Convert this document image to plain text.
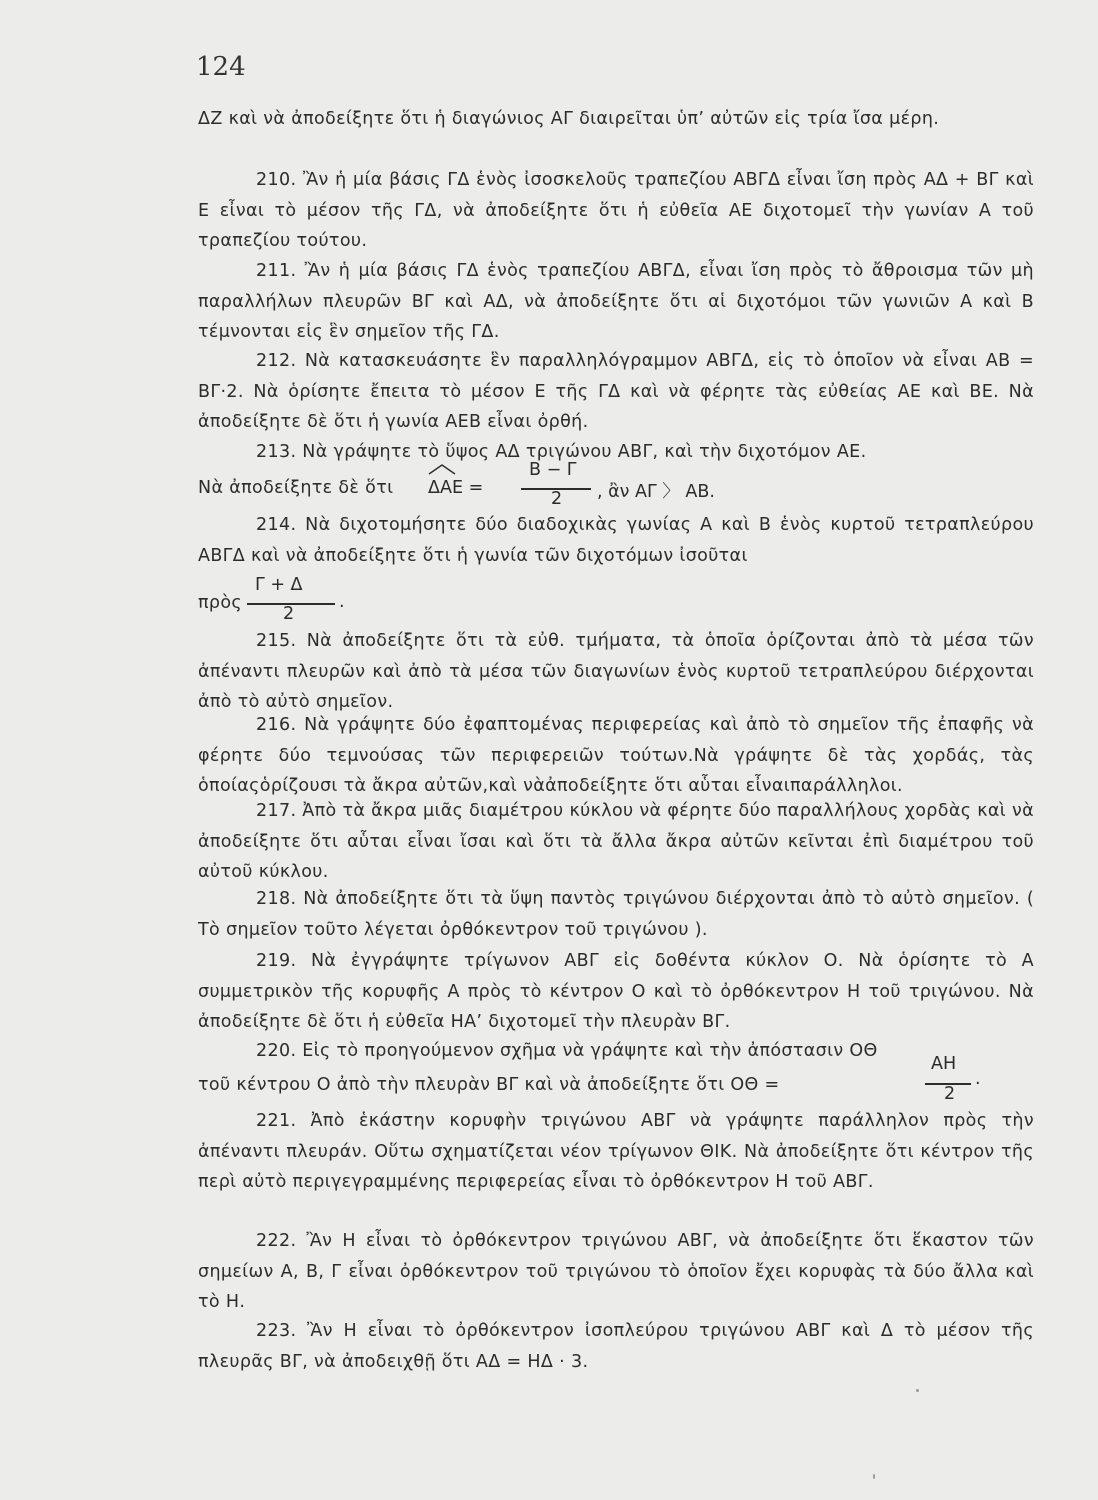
124
ΔΖ καὶ νὰ ἀποδείξητε ὅτι ἡ διαγώνιος ΑΓ διαιρεῖται ὑπ’ αὐτῶν εἰς τρία ἴσα μέρη.
210. Ἂν ἡ μία βάσις ΓΔ ἑνὸς ἰσοσκελοῦς τραπεζίου ΑΒΓΔ εἶναι ἴση πρὸς ΑΔ + ΒΓ καὶ Ε εἶναι τὸ μέσον τῆς ΓΔ, νὰ ἀποδείξητε ὅτι ἡ εὐθεῖα ΑΕ διχοτομεῖ τὴν γωνίαν Α τοῦ τραπεζίου τούτου.
211. Ἂν ἡ μία βάσις ΓΔ ἑνὸς τραπεζίου ΑΒΓΔ, εἶναι ἴση πρὸς τὸ ἄθροισμα τῶν μὴ παραλλήλων πλευρῶν ΒΓ καὶ ΑΔ, νὰ ἀποδείξητε ὅτι αἱ διχοτόμοι τῶν γωνιῶν Α καὶ Β τέμνονται εἰς ἓν σημεῖον τῆς ΓΔ.
212. Νὰ κατασκευάσητε ἓν παραλληλόγραμμον ΑΒΓΔ, εἰς τὸ ὁποῖον νὰ εἶναι ΑΒ = ΒΓ·2. Νὰ ὁρίσητε ἔπειτα τὸ μέσον Ε τῆς ΓΔ καὶ νὰ φέρητε τὰς εὐθείας ΑΕ καὶ ΒΕ. Νὰ ἀποδείξητε δὲ ὅτι ἡ γωνία ΑΕΒ εἶναι ὀρθή.
213. Νὰ γράψητε τὸ ὕψος ΑΔ τριγώνου ΑΒΓ, καὶ τὴν διχοτόμον ΑΕ.
Νὰ ἀποδείξητε δὲ ὅτι ΔΑΕ =
Β − Γ
2 , ἂν ΑΓ 〉 ΑΒ.
214. Νὰ διχοτομήσητε δύο διαδοχικὰς γωνίας Α καὶ Β ἑνὸς κυρτοῦ τετραπλεύρου ΑΒΓΔ καὶ νὰ ἀποδείξητε ὅτι ἡ γωνία τῶν διχοτόμων ἰσοῦται
πρὸς
Γ + Δ
2
.
215. Νὰ ἀποδείξητε ὅτι τὰ εὐθ. τμήματα, τὰ ὁποῖα ὁρίζονται ἀπὸ τὰ μέσα τῶν ἀπέναντι πλευρῶν καὶ ἀπὸ τὰ μέσα τῶν διαγωνίων ἑνὸς κυρτοῦ τετραπλεύρου διέρχονται ἀπὸ τὸ αὐτὸ σημεῖον.
216. Νὰ γράψητε δύο ἐφαπτομένας περιφερείας καὶ ἀπὸ τὸ σημεῖον τῆς ἐπαφῆς νὰ φέρητε δύο τεμνούσας τῶν περιφερειῶν τούτων.Νὰ γράψητε δὲ τὰς χορδάς, τὰς ὁποίαςὁρίζουσι τὰ ἄκρα αὐτῶν,καὶ νὰἀποδείξητε ὅτι αὗται εἶναιπαράλληλοι.
217. Ἀπὸ τὰ ἄκρα μιᾶς διαμέτρου κύκλου νὰ φέρητε δύο παραλλήλους χορδὰς καὶ νὰ ἀποδείξητε ὅτι αὗται εἶναι ἴσαι καὶ ὅτι τὰ ἄλλα ἄκρα αὐτῶν κεῖνται ἐπὶ διαμέτρου τοῦ αὐτοῦ κύκλου.
218. Νὰ ἀποδείξητε ὅτι τὰ ὕψη παντὸς τριγώνου διέρχονται ἀπὸ τὸ αὐτὸ σημεῖον. ( Τὸ σημεῖον τοῦτο λέγεται ὀρθόκεντρον τοῦ τριγώνου ).
219. Νὰ ἐγγράψητε τρίγωνον ΑΒΓ εἰς δοθέντα κύκλον Ο. Νὰ ὁρίσητε τὸ Α συμμετρικὸν τῆς κορυφῆς Α πρὸς τὸ κέντρον Ο καὶ τὸ ὀρθόκεντρον Η τοῦ τριγώνου. Νὰ ἀποδείξητε δὲ ὅτι ἡ εὐθεῖα ΗΑ’ διχοτομεῖ τὴν πλευρὰν ΒΓ.
220. Εἰς τὸ προηγούμενον σχῆμα νὰ γράψητε καὶ τὴν ἀπόστασιν ΟΘ
τοῦ κέντρου Ο ἀπὸ τὴν πλευρὰν ΒΓ καὶ νὰ ἀποδείξητε ὅτι ΟΘ =
ΑΗ
2 ·
221. Ἀπὸ ἑκάστην κορυφὴν τριγώνου ΑΒΓ νὰ γράψητε παράλληλον πρὸς τὴν ἀπέναντι πλευράν. Οὕτω σχηματίζεται νέον τρίγωνον ΘΙΚ. Νὰ ἀποδείξητε ὅτι κέντρον τῆς περὶ αὐτὸ περιγεγραμμένης περιφερείας εἶναι τὸ ὀρθόκεντρον Η τοῦ ΑΒΓ.
222. Ἂν Η εἶναι τὸ ὀρθόκεντρον τριγώνου ΑΒΓ, νὰ ἀποδείξητε ὅτι ἕκαστον τῶν σημείων Α, Β, Γ εἶναι ὀρθόκεντρον τοῦ τριγώνου τὸ ὁποῖον ἔχει κορυφὰς τὰ δύο ἄλλα καὶ τὸ Η.
223. Ἂν Η εἶναι τὸ ὀρθόκεντρον ἰσοπλεύρου τριγώνου ΑΒΓ καὶ Δ τὸ μέσον τῆς πλευρᾶς ΒΓ, νὰ ἀποδειχθῇ ὅτι ΑΔ = ΗΔ · 3.
